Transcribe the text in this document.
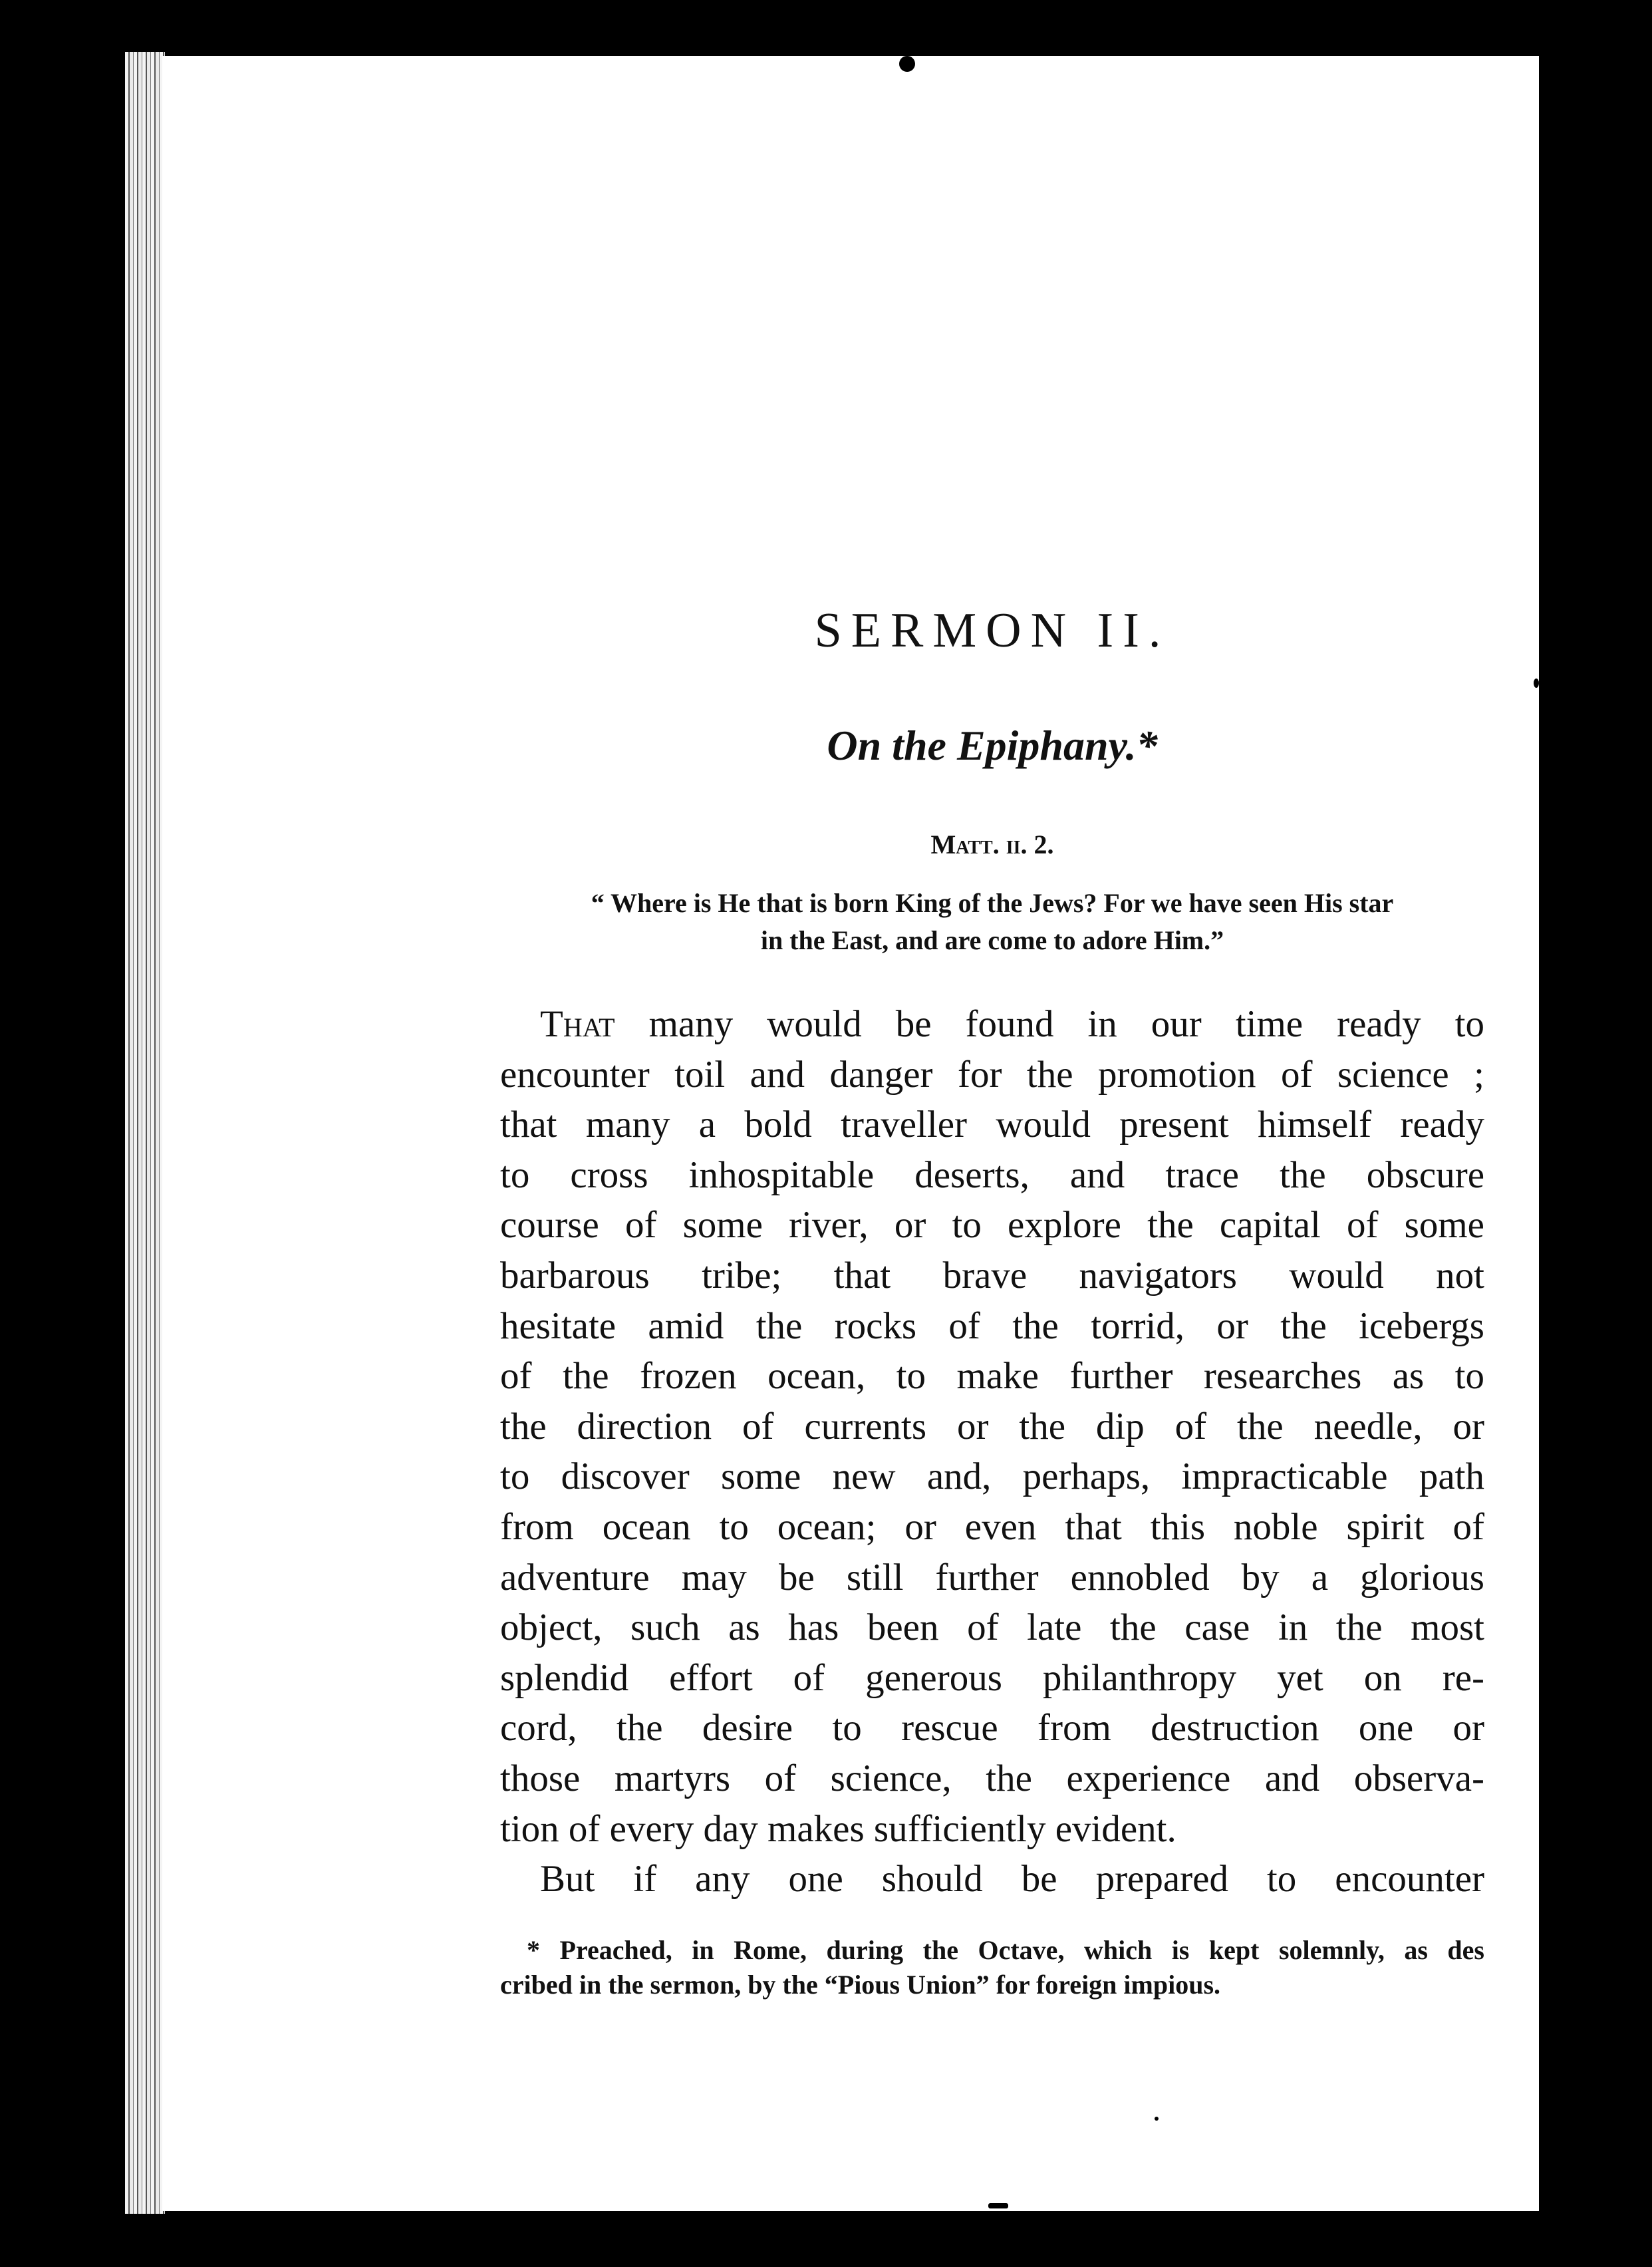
SERMON II.
On the Epiphany.*
Matt. ii. 2.
“ Where is He that is born King of the Jews? For we have seen His star
in the East, and are come to adore Him.”
That many would be found in our time ready to
encounter toil and danger for the promotion of science ;
that many a bold traveller would present himself ready
to cross inhospitable deserts, and trace the obscure
course of some river, or to explore the capital of some
barbarous tribe; that brave navigators would not
hesitate amid the rocks of the torrid, or the icebergs
of the frozen ocean, to make further researches as to
the direction of currents or the dip of the needle, or
to discover some new and, perhaps, impracticable path
from ocean to ocean; or even that this noble spirit of
adventure may be still further ennobled by a glorious
object, such as has been of late the case in the most
splendid effort of generous philanthropy yet on re-
cord, the desire to rescue from destruction one or
those martyrs of science, the experience and observa-
tion of every day makes sufficiently evident.
But if any one should be prepared to encounter
* Preached, in Rome, during the Octave, which is kept solemnly, as des
cribed in the sermon, by the “Pious Union” for foreign impious.
